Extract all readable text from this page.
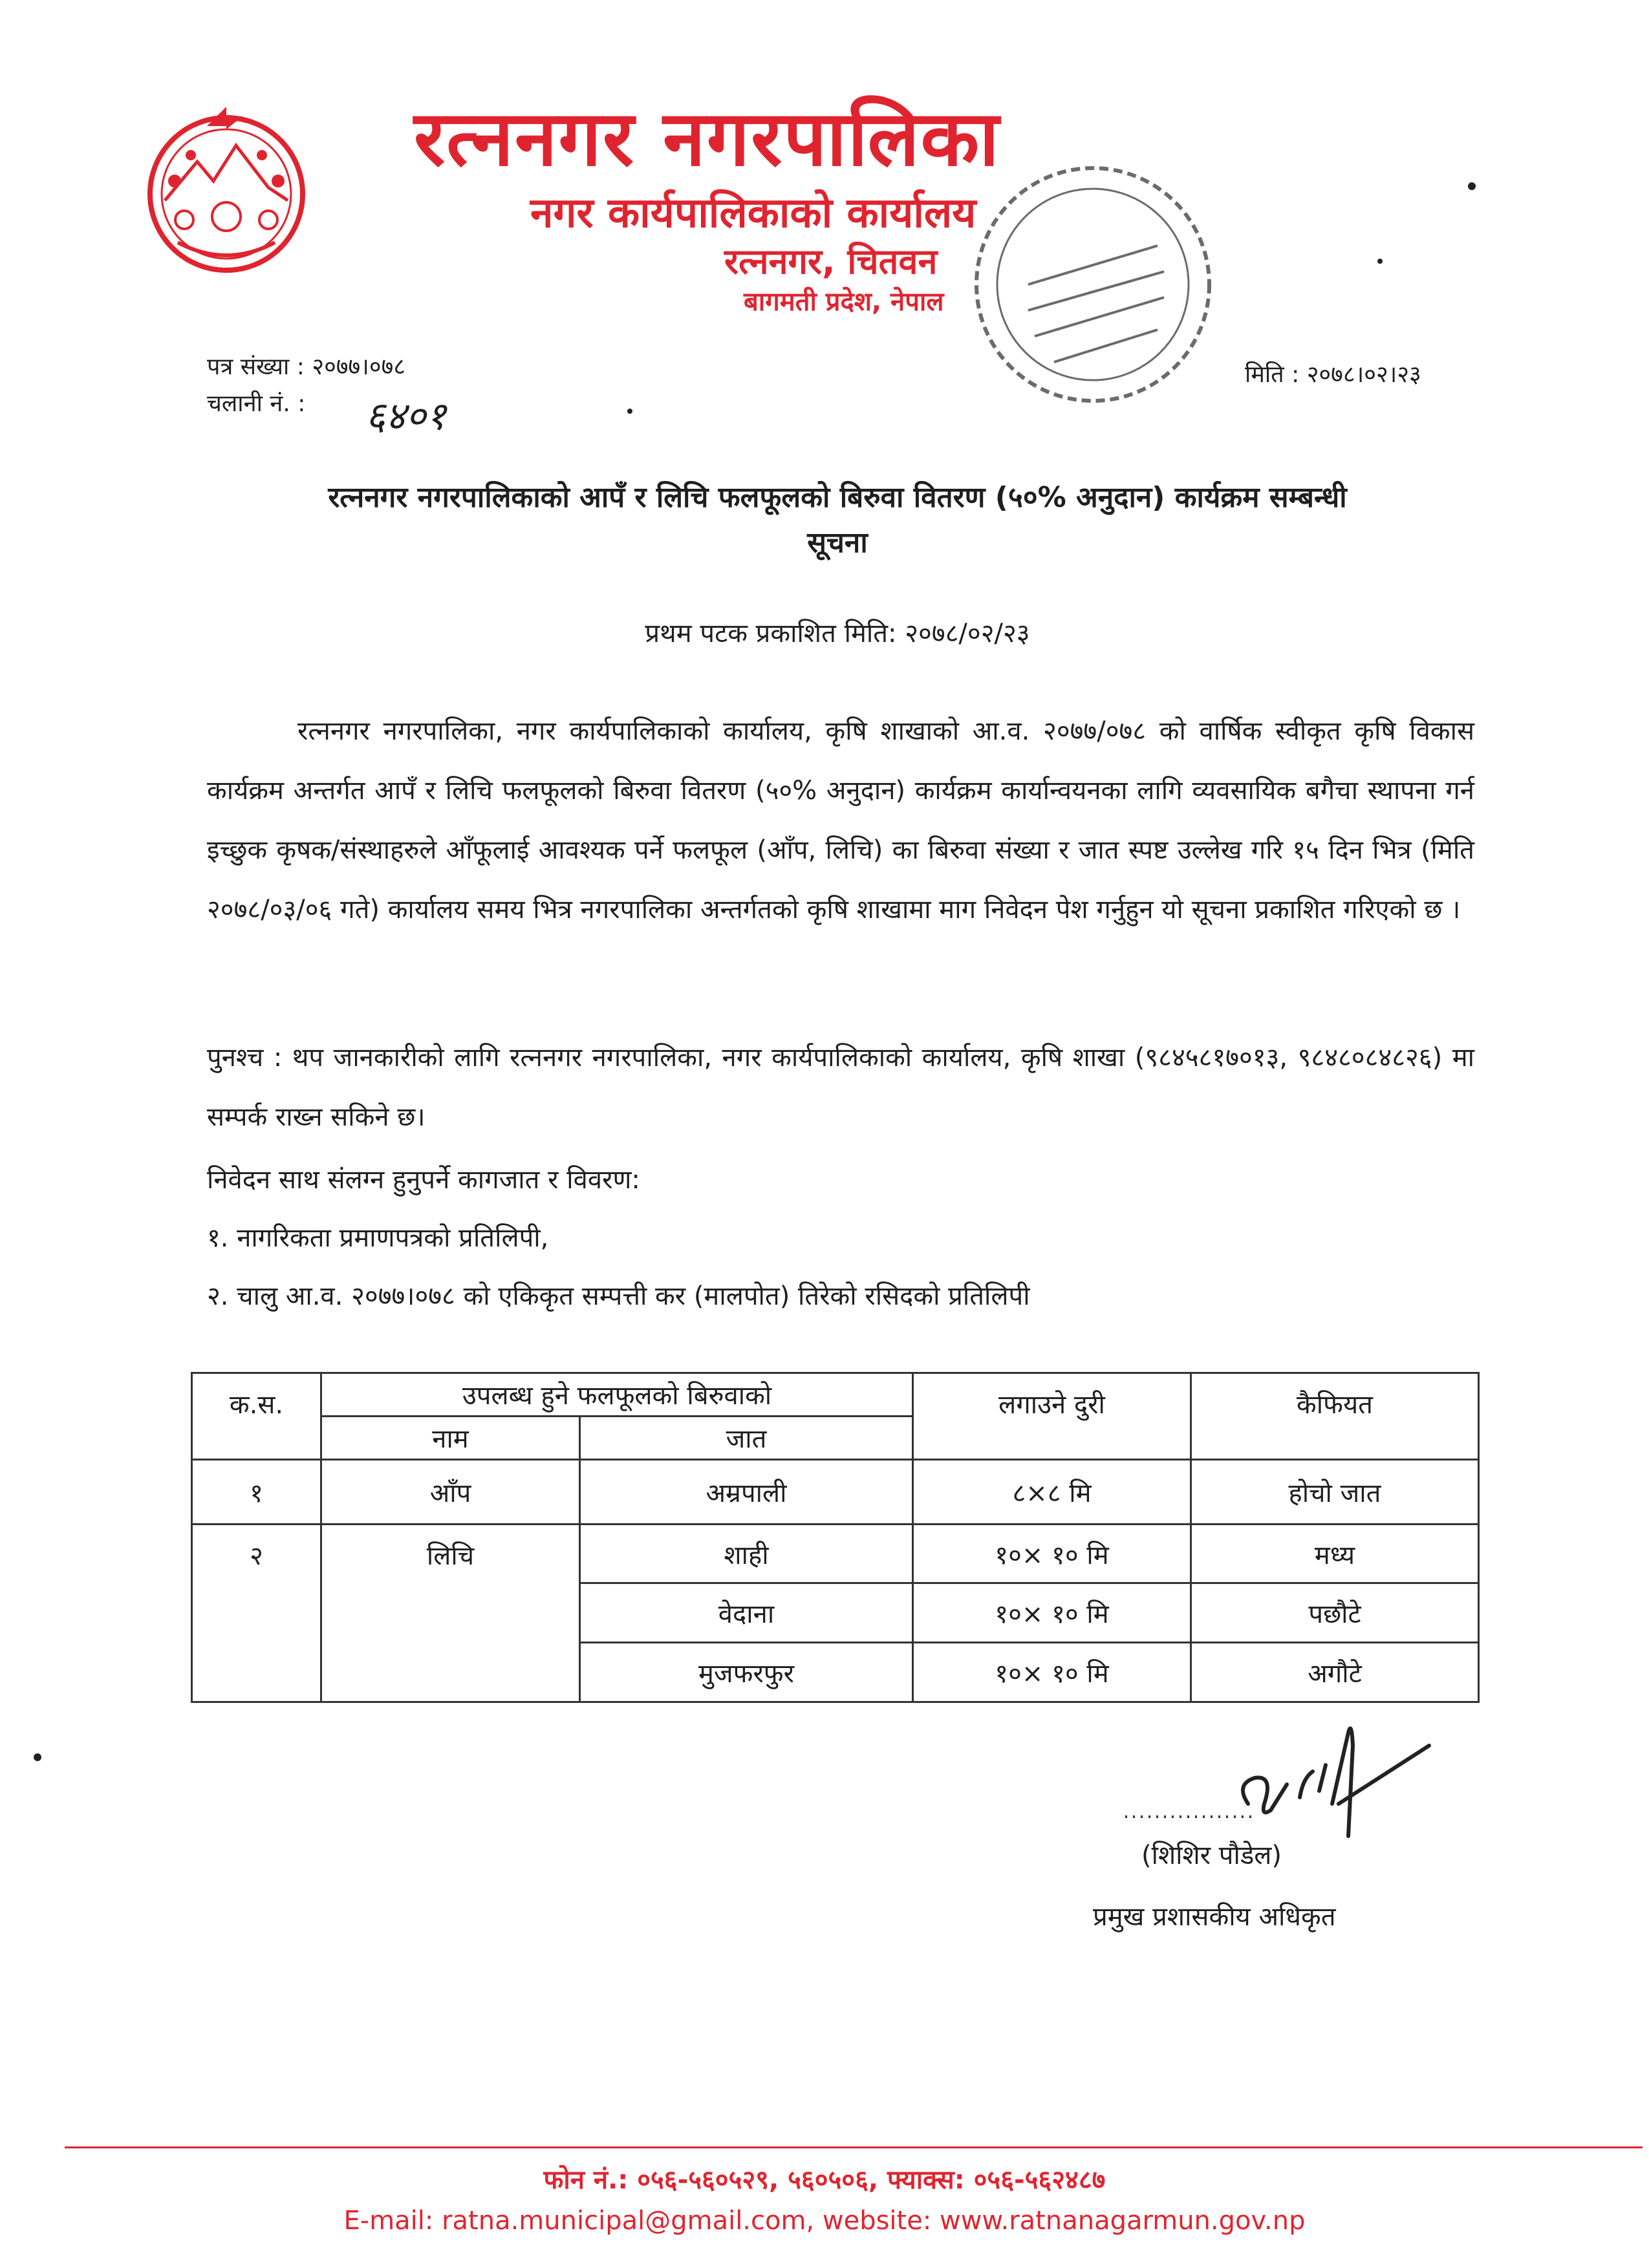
रत्ननगर नगरपालिका
नगर कार्यपालिकाको कार्यालय
रत्ननगर, चितवन
बागमती प्रदेश, नेपाल
पत्र संख्या : २०७७।०७८
चलानी नं. : ६४०१
मिति : २०७८।०२।२३
रत्ननगर नगरपालिकाको आपँ र लिचि फलफूलको बिरुवा वितरण (५०% अनुदान) कार्यक्रम सम्बन्धी
सूचना
प्रथम पटक प्रकाशित मिति: २०७८/०२/२३
रत्ननगर नगरपालिका, नगर कार्यपालिकाको कार्यालय, कृषि शाखाको आ.व. २०७७/०७८ को वार्षिक स्वीकृत कृषि विकास कार्यक्रम अन्तर्गत आपँ र लिचि फलफूलको बिरुवा वितरण (५०% अनुदान) कार्यक्रम कार्यान्वयनका लागि व्यवसायिक बगैचा स्थापना गर्न इच्छुक कृषक/संस्थाहरुले आँफूलाई आवश्यक पर्ने फलफूल (आँप, लिचि) का बिरुवा संख्या र जात स्पष्ट उल्लेख गरि १५ दिन भित्र (मिति २०७८/०३/०६ गते) कार्यालय समय भित्र नगरपालिका अन्तर्गतको कृषि शाखामा माग निवेदन पेश गर्नुहुन यो सूचना प्रकाशित गरिएको छ ।
पुनश्च : थप जानकारीको लागि रत्ननगर नगरपालिका, नगर कार्यपालिकाको कार्यालय, कृषि शाखा (९८४५८१७०१३, ९८४८०८४८२६) मा सम्पर्क राख्न सकिने छ।
निवेदन साथ संलग्न हुनुपर्ने कागजात र विवरण:
१. नागरिकता प्रमाणपत्रको प्रतिलिपी,
२. चालु आ.व. २०७७।०७८ को एकिकृत सम्पत्ती कर (मालपोत) तिरेको रसिदको प्रतिलिपी
क.स.	उपलब्ध हुने फलफूलको बिरुवाको		लगाउने दुरी	कैफियत
	नाम	जात		
१	आँप	अम्रपाली	८×८ मि	होचो जात
२	लिचि	शाही	१०× १० मि	मध्य
		वेदाना	१०× १० मि	पछौटे
		मुजफरफुर	१०× १० मि	अगौटे
(शिशिर पौडेल)
प्रमुख प्रशासकीय अधिकृत
फोन नं.: ०५६-५६०५२९, ५६०५०६, फ्याक्स: ०५६-५६२४८७
E-mail: ratna.municipal@gmail.com, website: www.ratnanagarmun.gov.np
